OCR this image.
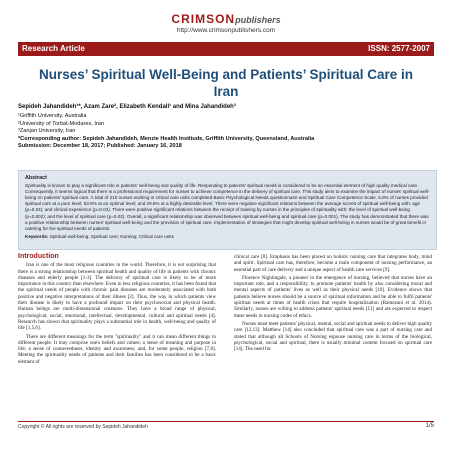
CRIMSONpublishers
http://www.crimsonpublishers.com
Research Article	ISSN: 2577-2007
Nurses’ Spiritual Well-Being and Patients’ Spiritual Care in Iran
Sepideh Jahandideh¹*, Azam Zare², Elizabeth Kendall¹ and Mina Jahandideh³
¹Griffith University, Australia
²University of Torbat-Modares, Iran
³Zanjan University, Iran
*Corresponding author: Sepideh Jahandideh, Menzie Health Institude, Griffith University, Queensland, Australia
Submission: December 18, 2017; Published: January 16, 2018
Abstract
Spirituality is known to play a significant role in patients' well-being and quality of life. Responding to patients' spiritual needs is considered to be an essential element of high quality medical care. Consequently, it seems logical that there is a professional requirement for nurses to achieve competence in the delivery of spiritual care. This study aims to examine the impact of nurses' spiritual well-being on patients' spiritual care. A total of 210 nurses working in critical care units completed Basic Psychological Needs questionnaire and Spiritual Care Competence Scale. 5.8% of nurses provided spiritual care at a poor level; 53.6% at an optimal level; and 29.8% at a highly desirable level. There were negative significant relations between the average scores of spiritual well-being with: age (p=0.04); and clinical experience (p=0.02). There were positive significant relations between the receipt of training by nurses in the principles of spirituality with: the level of spiritual well-being (p=0.002); and the level of spiritual care (p=0.02). Overall, a significant relationship was observed between spiritual well-being and spiritual care (p=0.001). The study has demonstrated that there was a positive relationship between nurses' spiritual well-being and the provision of spiritual care. Implementation of strategies that might develop spiritual well-being in nurses would be of great benefit in catering for the spiritual needs of patients.
Keywords: Spiritual well-being; Spiritual care; Nursing; Critical care units
Introduction

Iran is one of the most religious countries in the world. Therefore, it is not surprising that there is a strong relationship between spiritual health and quality of life in patients with chronic diseases and elderly people [1-3]. The delivery of spiritual care is likely to be of more importance in this country than elsewhere. Even in less religious countries, it has been found that the spiritual needs of people with chronic pain diseases are moderately associated with both positive and negative interpretations of their illness [2]. Thus, the way in which patients view their disease is likely to have a profound impact on their psychosocial and physical health. Human beings are multi-dimensional creatures. They have a broad range of physical, psychological, social, emotional, intellectual, developmental, cultural and spiritual needs [4]. Research has shown that spirituality plays a substantial role in health, well-being and quality of life [1,5,6].

There are different meanings for the term "spirituality" and it can mean different things to different people. It may comprise one's beliefs and values; a sense of meaning and purpose in life; a sense of connectedness; identity and awareness; and, for some people, religion [7,8]. Meeting the spirituality needs of patients and their families has been considered to be a basic element of

clinical care [8]. Emphasis has been placed on holistic nursing care that integrates body, mind and spirit. Spiritual care has, therefore, become a main component of nursing performance, an essential part of care delivery and a unique aspect of health care services [9].

Florence Nightingale, a pioneer in the emergence of nursing, believed that nurses have an important role, and a responsibility, to promote patients' health by also considering moral and mental aspects of patients' lives as well as their physical needs [10]. Evidence shows that patients believe nurses should be a source of spiritual information and be able to fulfil patients' spiritual needs at times of health crises that require hospitalization (Ramezani et al. 2014). Similarly, nurses are willing to address patients' spiritual needs [11] and are expected to respect these needs in nursing codes of ethics.

Nurses must meet patients' physical, mental, social and spiritual needs to deliver high quality care [12,13]. Matthew [14] also concluded that spiritual care was a part of nursing care and stated that although all Schools of Nursing espouse nursing care in terms of the biological, psychological, social and spiritual, there is usually minimal content focused on spiritual care [14]. The need for

Copyright © All rights are reserved by Sepideh Jahandideh	1/5
